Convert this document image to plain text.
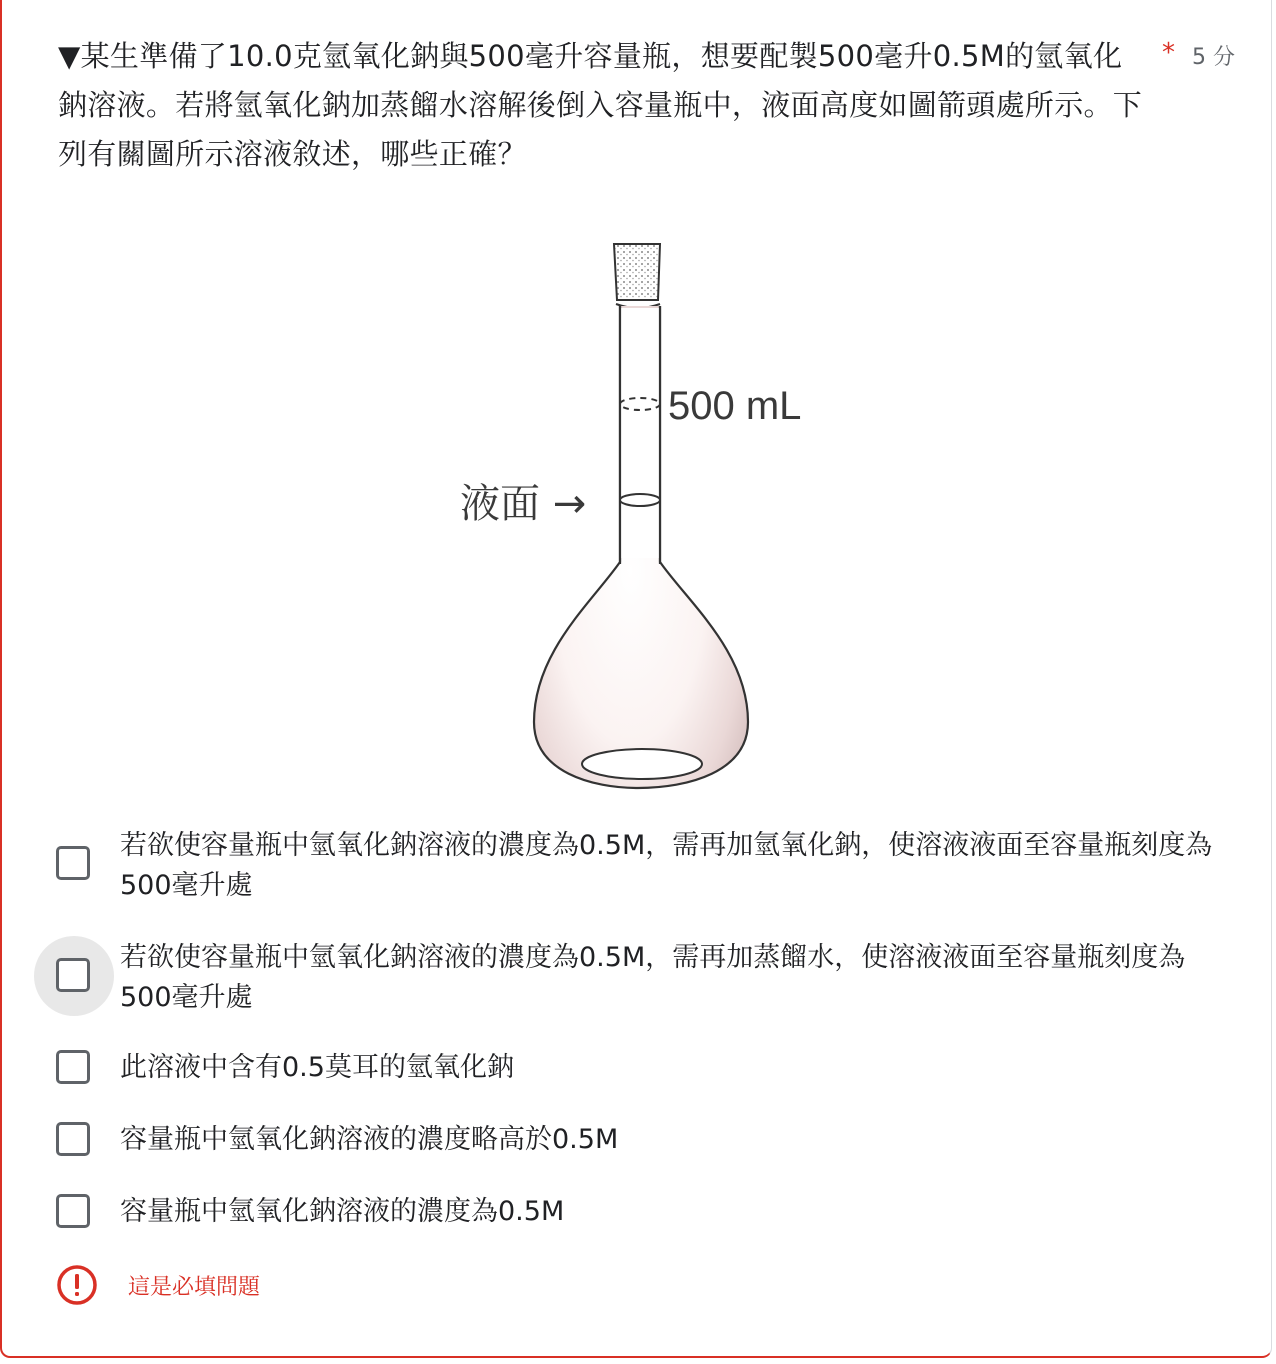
▼某生準備了10.0克氫氧化鈉與500毫升容量瓶，想要配製500毫升0.5M的氫氧化鈉溶液。若將氫氧化鈉加蒸餾水溶解後倒入容量瓶中，液面高度如圖箭頭處所示。下列有關圖所示溶液敘述，哪些正確？
* 5 分
500 mL
液面 →
若欲使容量瓶中氫氧化鈉溶液的濃度為0.5M，需再加氫氧化鈉，使溶液液面至容量瓶刻度為500毫升處
若欲使容量瓶中氫氧化鈉溶液的濃度為0.5M，需再加蒸餾水，使溶液液面至容量瓶刻度為500毫升處
此溶液中含有0.5莫耳的氫氧化鈉
容量瓶中氫氧化鈉溶液的濃度略高於0.5M
容量瓶中氫氧化鈉溶液的濃度為0.5M
這是必填問題
